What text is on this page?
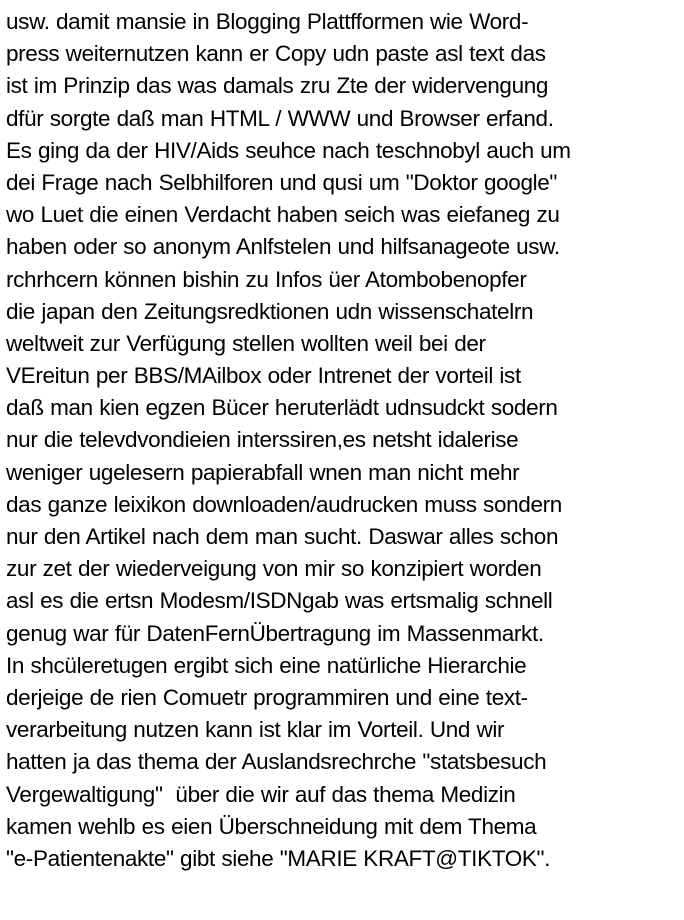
usw. damit mansie in Blogging Plattfformen wie Word-
press weiternutzen kann er Copy udn paste asl text das
ist im Prinzip das was damals zru Zte der widervengung
dfür sorgte daß man HTML / WWW und Browser erfand.
Es ging da der HIV/Aids seuhce nach teschnobyl auch um
dei Frage nach Selbhilforen und qusi um "Doktor google"
wo Luet die einen Verdacht haben seich was eiefaneg zu
haben oder so anonym Anlfstelen und hilfsanageote usw.
rchrhcern können bishin zu Infos üer Atombobenopfer
die japan den Zeitungsredktionen udn wissenschatelrn
weltweit zur Verfügung stellen wollten weil bei der
VEreitun per BBS/MAilbox oder Intrenet der vorteil ist
daß man kien egzen Bücer heruterlädt udnsudckt sodern
nur die televdvondieien interssiren,es netsht idalerise
weniger ugelesern papierabfall wnen man nicht mehr
das ganze leixikon downloaden/audrucken muss sondern
nur den Artikel nach dem man sucht. Daswar alles schon
zur zet der wiederveigung von mir so konzipiert worden
asl es die ertsn Modesm/ISDNgab was ertsmalig schnell
genug war für DatenFernÜbertragung im Massenmarkt.
In shcüleretugen ergibt sich eine natürliche Hierarchie
derjeige de rien Comuetr programmiren und eine text-
verarbeitung nutzen kann ist klar im Vorteil. Und wir
hatten ja das thema der Auslandsrechrche "statsbesuch
Vergewaltigung"  über die wir auf das thema Medizin
kamen wehlb es eien Überschneidung mit dem Thema
"e-Patientenakte" gibt siehe "MARIE KRAFT@TIKTOK".
